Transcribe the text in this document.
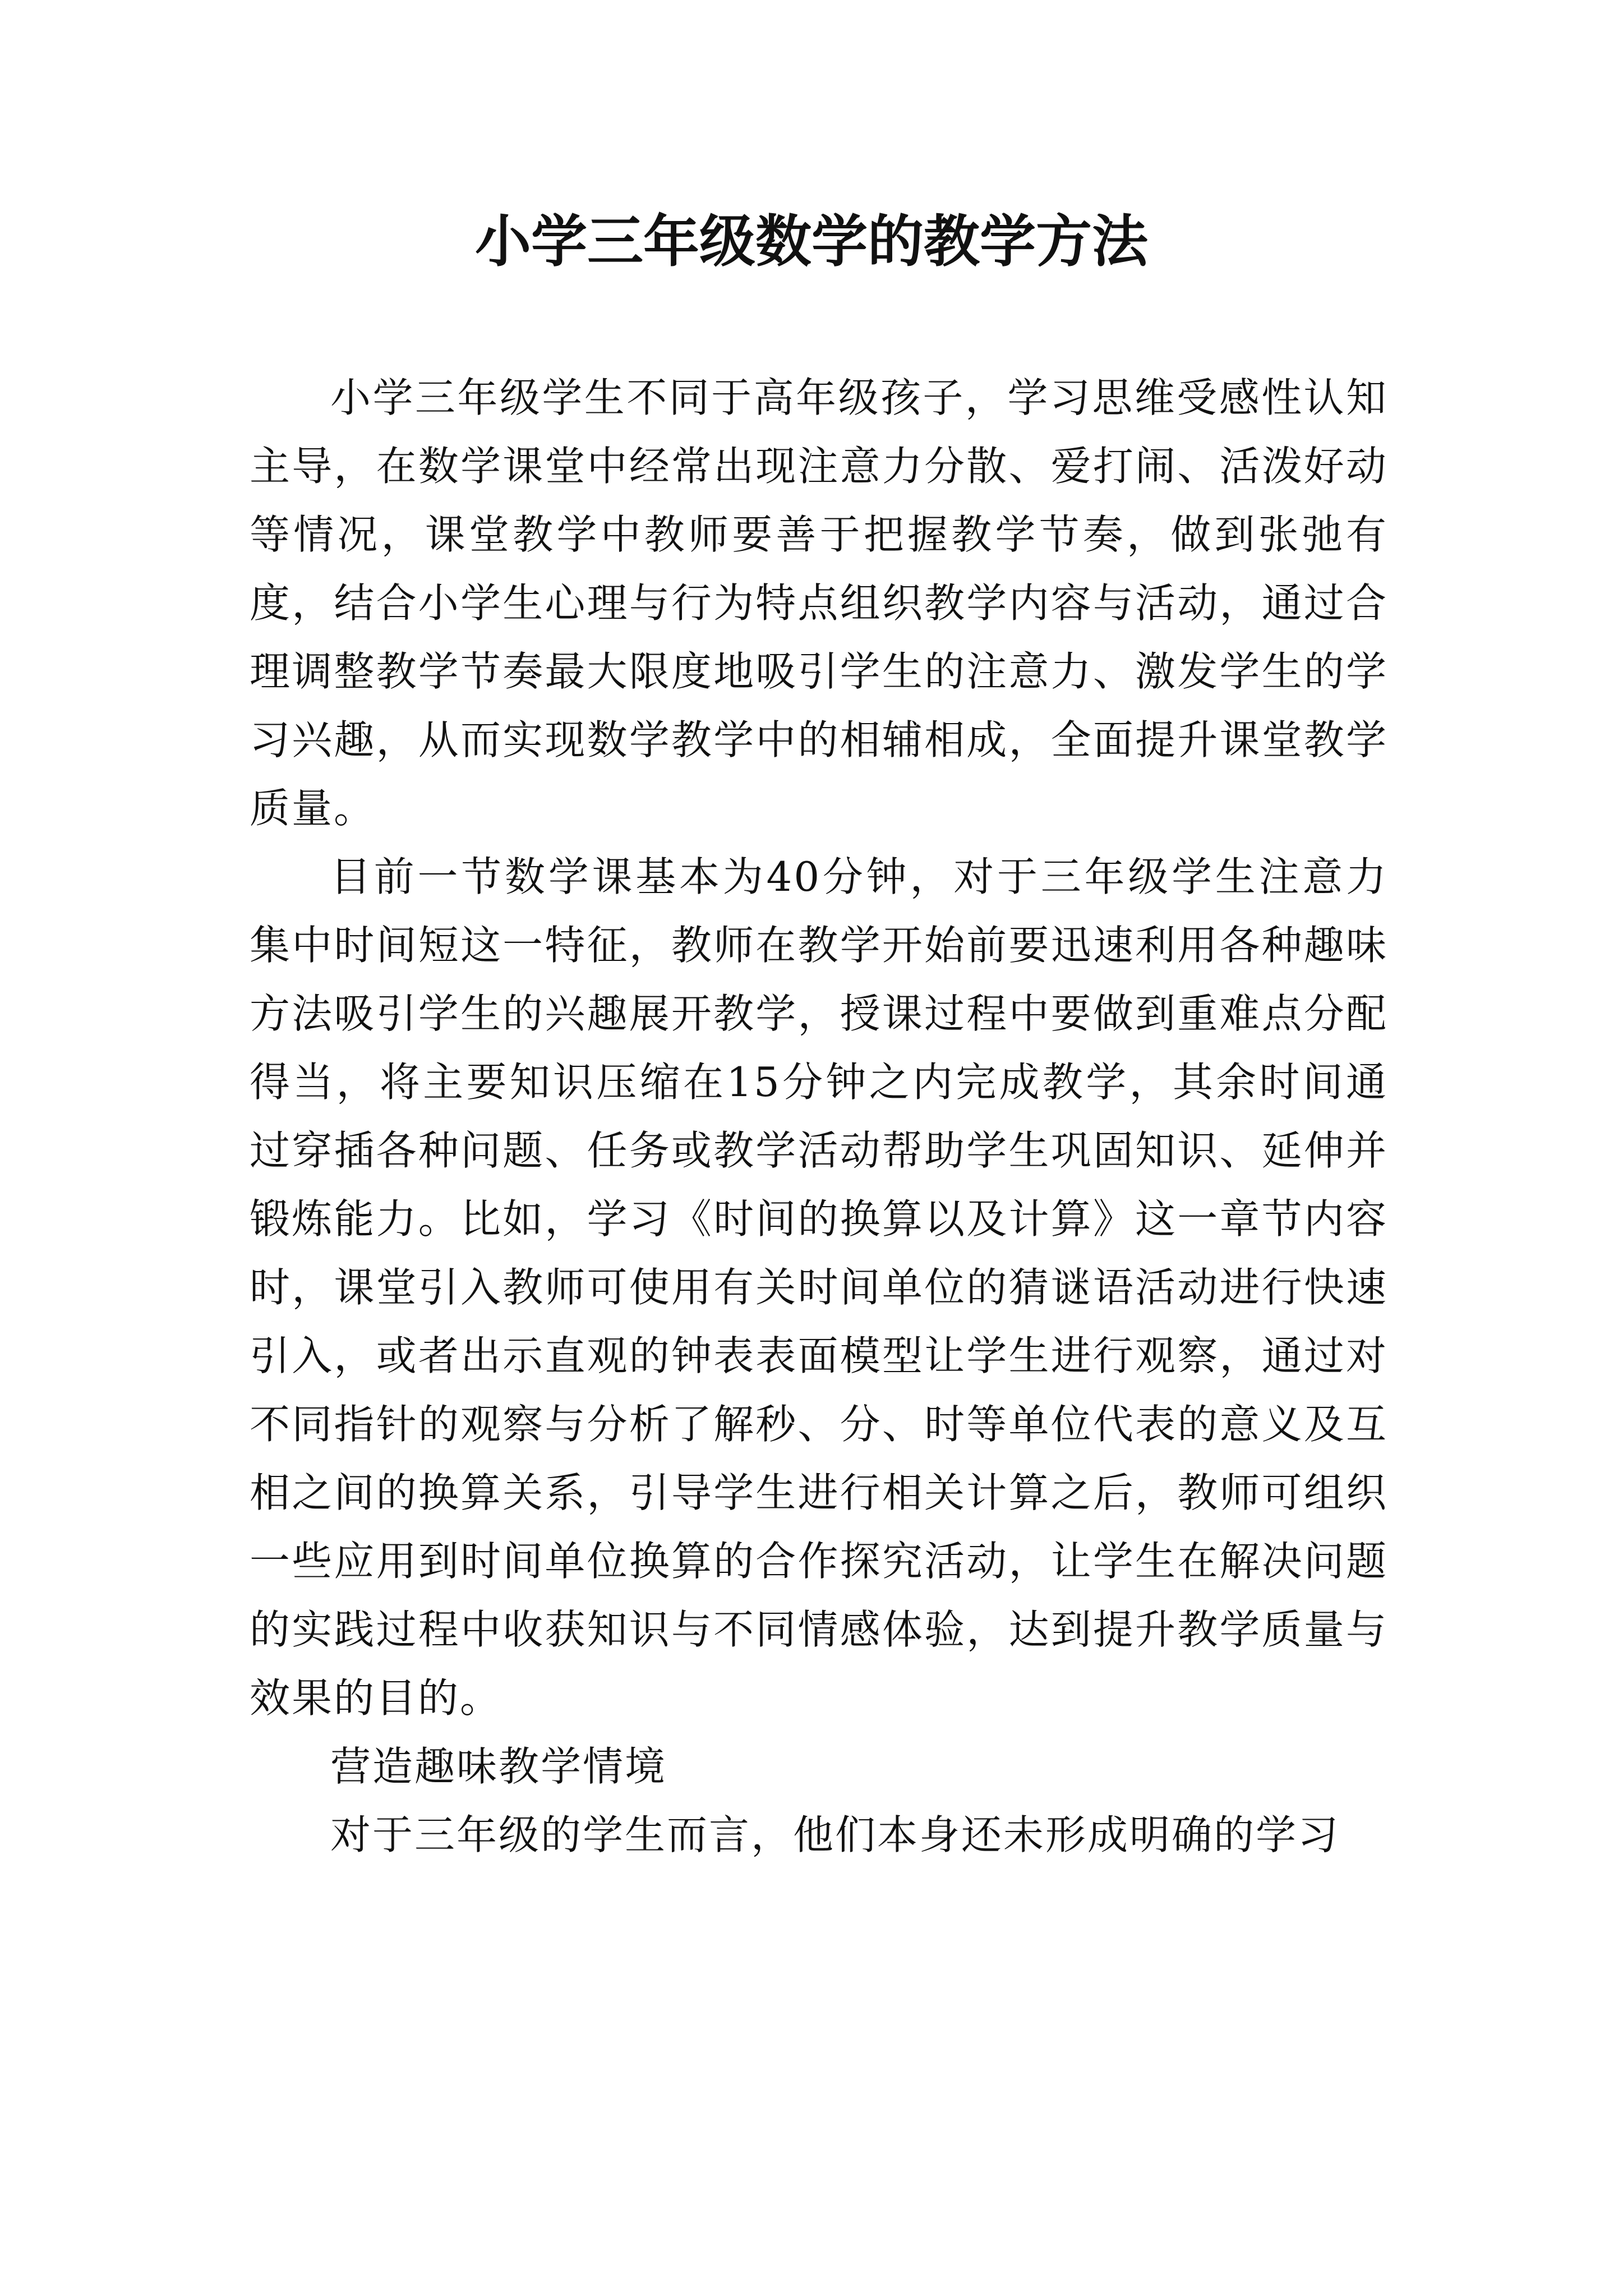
小学三年级数学的教学方法

小学三年级学生不同于高年级孩子，学习思维受感性认知主导，在数学课堂中经常出现注意力分散、爱打闹、活泼好动等情况，课堂教学中教师要善于把握教学节奏，做到张弛有度，结合小学生心理与行为特点组织教学内容与活动，通过合理调整教学节奏最大限度地吸引学生的注意力、激发学生的学习兴趣，从而实现数学教学中的相辅相成，全面提升课堂教学质量。

目前一节数学课基本为40分钟，对于三年级学生注意力集中时间短这一特征，教师在教学开始前要迅速利用各种趣味方法吸引学生的兴趣展开教学，授课过程中要做到重难点分配得当，将主要知识压缩在15分钟之内完成教学，其余时间通过穿插各种问题、任务或教学活动帮助学生巩固知识、延伸并锻炼能力。比如，学习《时间的换算以及计算》这一章节内容时，课堂引入教师可使用有关时间单位的猜谜语活动进行快速引入，或者出示直观的钟表表面模型让学生进行观察，通过对不同指针的观察与分析了解秒、分、时等单位代表的意义及互相之间的换算关系，引导学生进行相关计算之后，教师可组织一些应用到时间单位换算的合作探究活动，让学生在解决问题的实践过程中收获知识与不同情感体验，达到提升教学质量与效果的目的。

营造趣味教学情境

对于三年级的学生而言，他们本身还未形成明确的学习
